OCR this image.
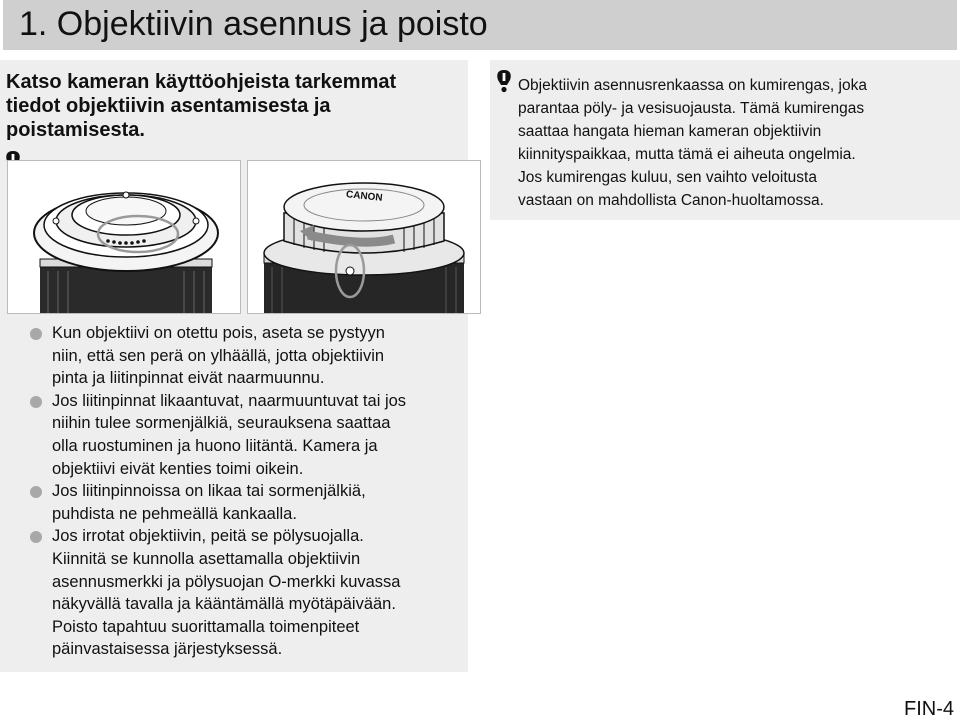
1. Objektiivin asennus ja poisto
Katso kameran käyttöohjeista tarkemmat
tiedot objektiivin asentamisesta ja
poistamisesta.
Objektiivin asennusrenkaassa on kumirengas, joka
parantaa pöly- ja vesisuojausta. Tämä kumirengas
saattaa hangata hieman kameran objektiivin
kiinnityspaikkaa, mutta tämä ei aiheuta ongelmia.
Jos kumirengas kuluu, sen vaihto veloitusta
vastaan on mahdollista Canon-huoltamossa.
CANON
Kun objektiivi on otettu pois, aseta se pystyyn
niin, että sen perä on ylhäällä, jotta objektiivin
pinta ja liitinpinnat eivät naarmuunnu.
Jos liitinpinnat likaantuvat, naarmuuntuvat tai jos
niihin tulee sormenjälkiä, seurauksena saattaa
olla ruostuminen ja huono liitäntä. Kamera ja
objektiivi eivät kenties toimi oikein.
Jos liitinpinnoissa on likaa tai sormenjälkiä,
puhdista ne pehmeällä kankaalla.
Jos irrotat objektiivin, peitä se pölysuojalla.
Kiinnitä se kunnolla asettamalla objektiivin
asennusmerkki ja pölysuojan O-merkki kuvassa
näkyvällä tavalla ja kääntämällä myötäpäivään.
Poisto tapahtuu suorittamalla toimenpiteet
päinvastaisessa järjestyksessä.
FIN-4
